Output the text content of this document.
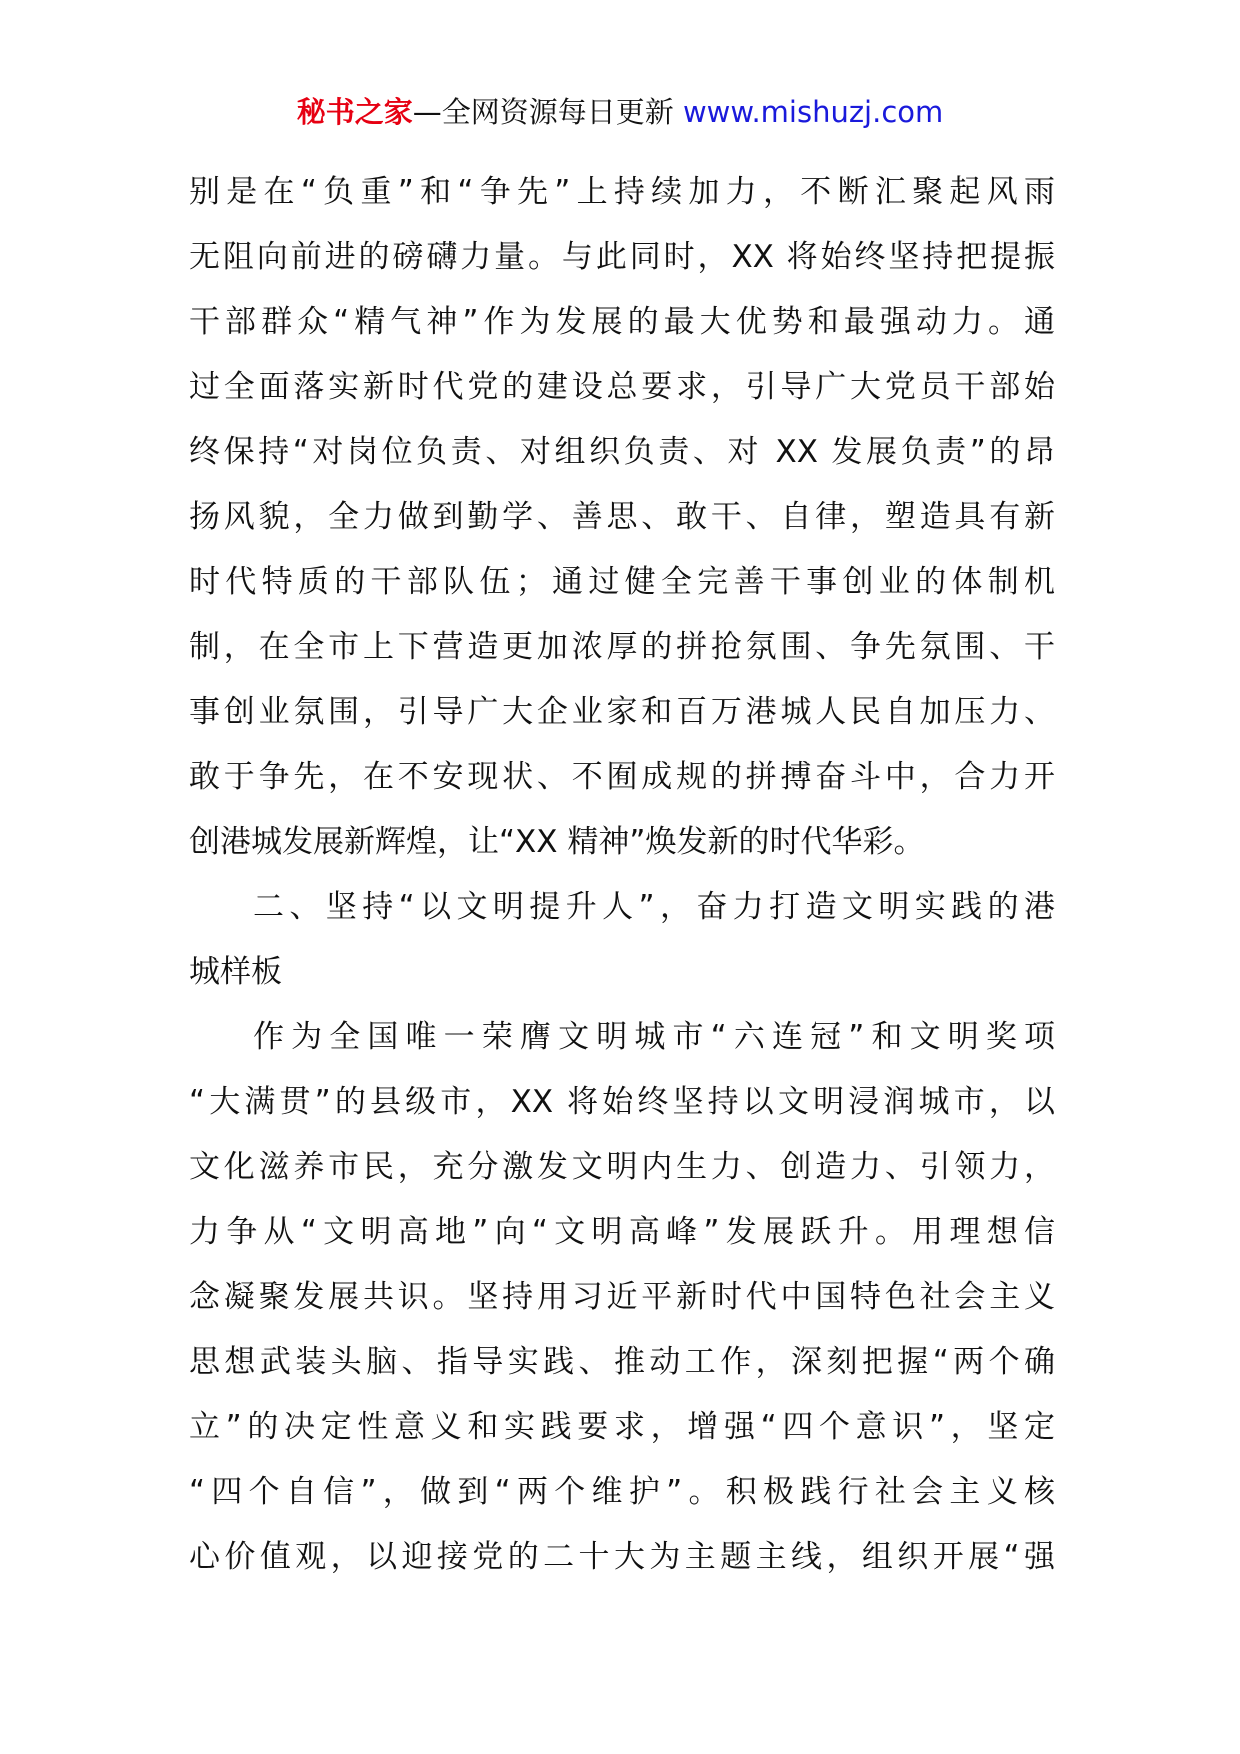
秘书之家—全网资源每日更新 www.mishuzj.com
别是在“负重”和“争先”上持续加力，不断汇聚起风雨
无阻向前进的磅礴力量。与此同时，XX 将始终坚持把提振
干部群众“精气神”作为发展的最大优势和最强动力。通
过全面落实新时代党的建设总要求，引导广大党员干部始
终保持“对岗位负责、对组织负责、对 XX 发展负责”的昂
扬风貌，全力做到勤学、善思、敢干、自律，塑造具有新
时代特质的干部队伍；通过健全完善干事创业的体制机
制，在全市上下营造更加浓厚的拼抢氛围、争先氛围、干
事创业氛围，引导广大企业家和百万港城人民自加压力、
敢于争先，在不安现状、不囿成规的拼搏奋斗中，合力开
创港城发展新辉煌，让“XX 精神”焕发新的时代华彩。
二、坚持“以文明提升人”，奋力打造文明实践的港
城样板
作为全国唯一荣膺文明城市“六连冠”和文明奖项
“大满贯”的县级市，XX 将始终坚持以文明浸润城市，以
文化滋养市民，充分激发文明内生力、创造力、引领力，
力争从“文明高地”向“文明高峰”发展跃升。用理想信
念凝聚发展共识。坚持用习近平新时代中国特色社会主义
思想武装头脑、指导实践、推动工作，深刻把握“两个确
立”的决定性意义和实践要求，增强“四个意识”，坚定
“四个自信”，做到“两个维护”。积极践行社会主义核
心价值观，以迎接党的二十大为主题主线，组织开展“强
